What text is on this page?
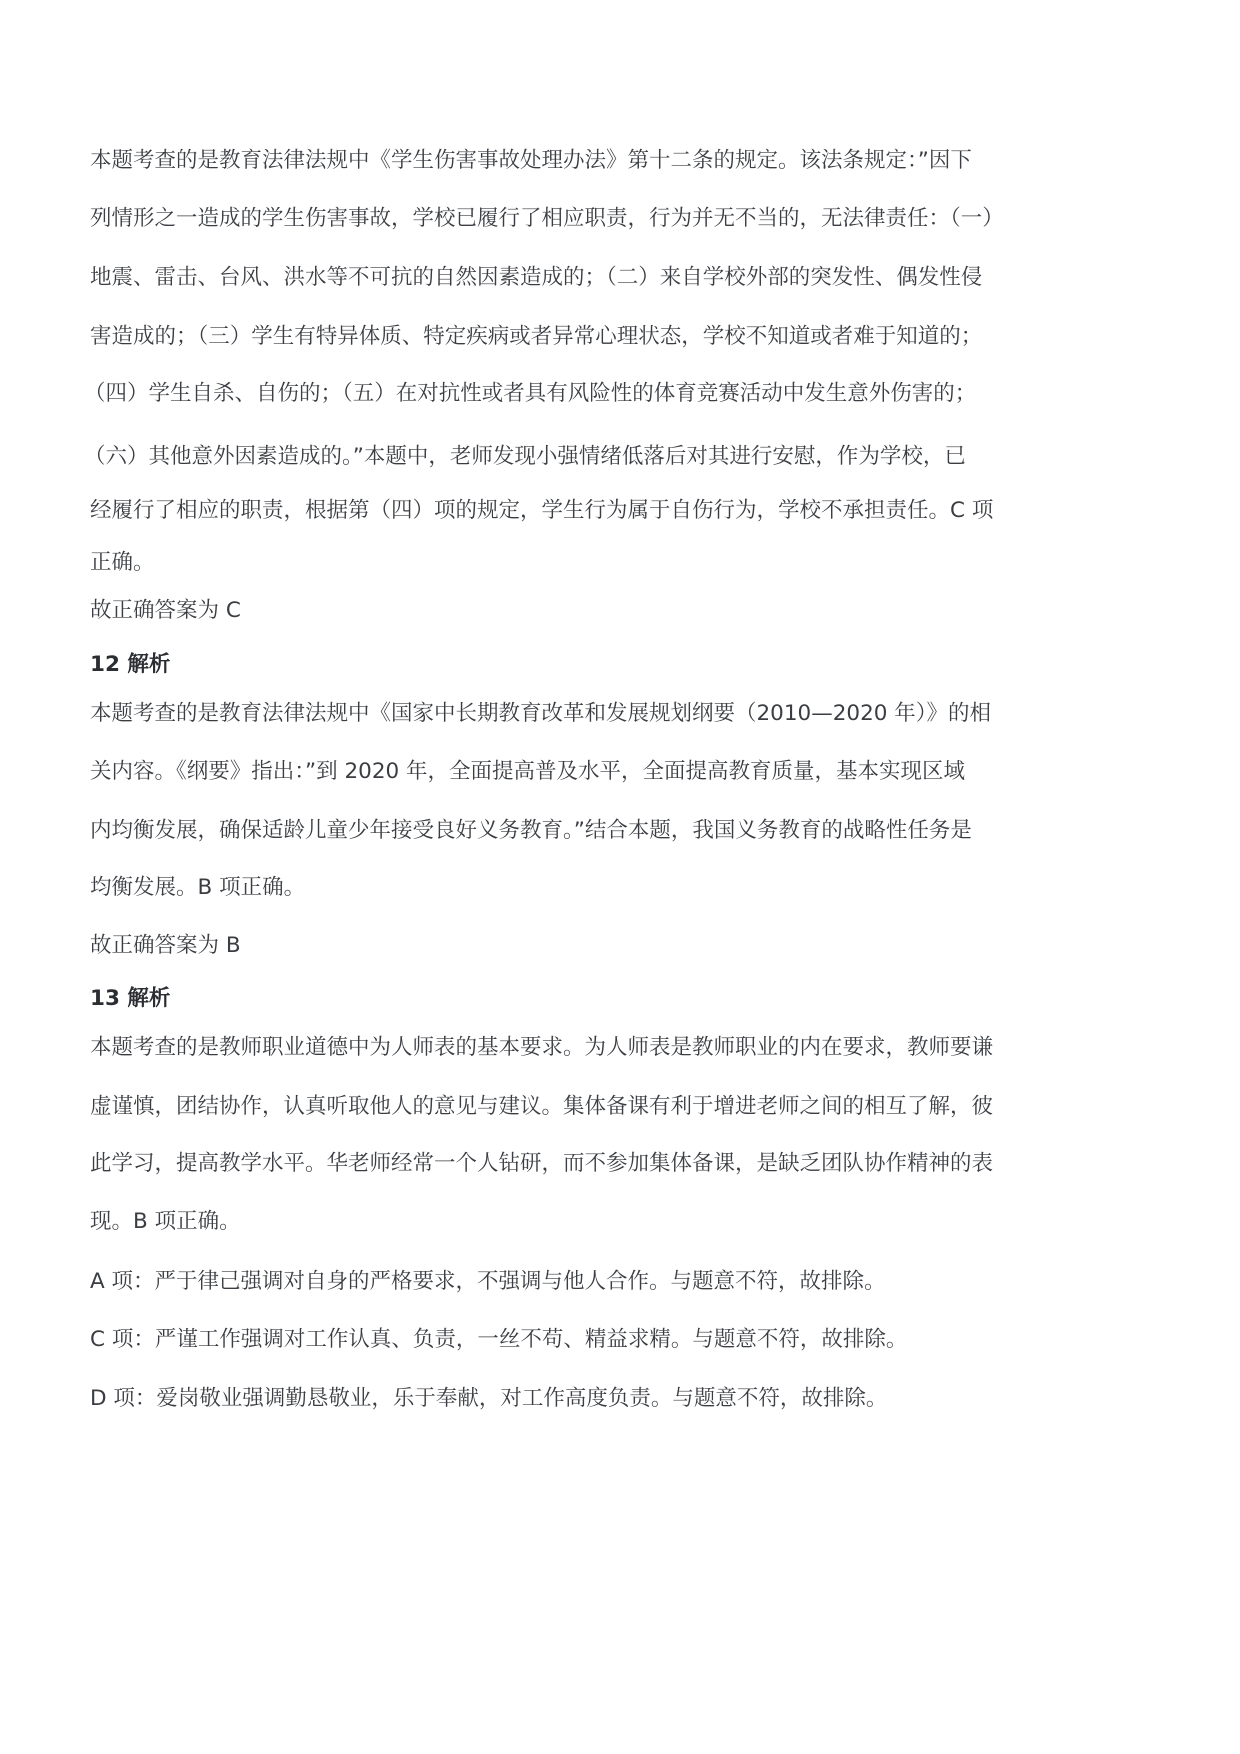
本题考查的是教育法律法规中《学生伤害事故处理办法》第十二条的规定。该法条规定：”因下
列情形之一造成的学生伤害事故，学校已履行了相应职责，行为并无不当的，无法律责任：（一）
地震、雷击、台风、洪水等不可抗的自然因素造成的；（二）来自学校外部的突发性、偶发性侵
害造成的；（三）学生有特异体质、特定疾病或者异常心理状态，学校不知道或者难于知道的；
（四）学生自杀、自伤的；（五）在对抗性或者具有风险性的体育竞赛活动中发生意外伤害的；
（六）其他意外因素造成的。”本题中，老师发现小强情绪低落后对其进行安慰，作为学校，已
经履行了相应的职责，根据第（四）项的规定，学生行为属于自伤行为，学校不承担责任。C 项
正确。
故正确答案为 C
12 解析
本题考查的是教育法律法规中《国家中长期教育改革和发展规划纲要（2010—2020 年）》的相
关内容。《纲要》指出：”到 2020 年，全面提高普及水平，全面提高教育质量，基本实现区域
内均衡发展，确保适龄儿童少年接受良好义务教育。”结合本题，我国义务教育的战略性任务是
均衡发展。B 项正确。
故正确答案为 B
13 解析
本题考查的是教师职业道德中为人师表的基本要求。为人师表是教师职业的内在要求，教师要谦
虚谨慎，团结协作，认真听取他人的意见与建议。集体备课有利于增进老师之间的相互了解，彼
此学习，提高教学水平。华老师经常一个人钻研，而不参加集体备课，是缺乏团队协作精神的表
现。B 项正确。
A 项：严于律己强调对自身的严格要求，不强调与他人合作。与题意不符，故排除。
C 项：严谨工作强调对工作认真、负责，一丝不苟、精益求精。与题意不符，故排除。
D 项：爱岗敬业强调勤恳敬业，乐于奉献，对工作高度负责。与题意不符，故排除。
